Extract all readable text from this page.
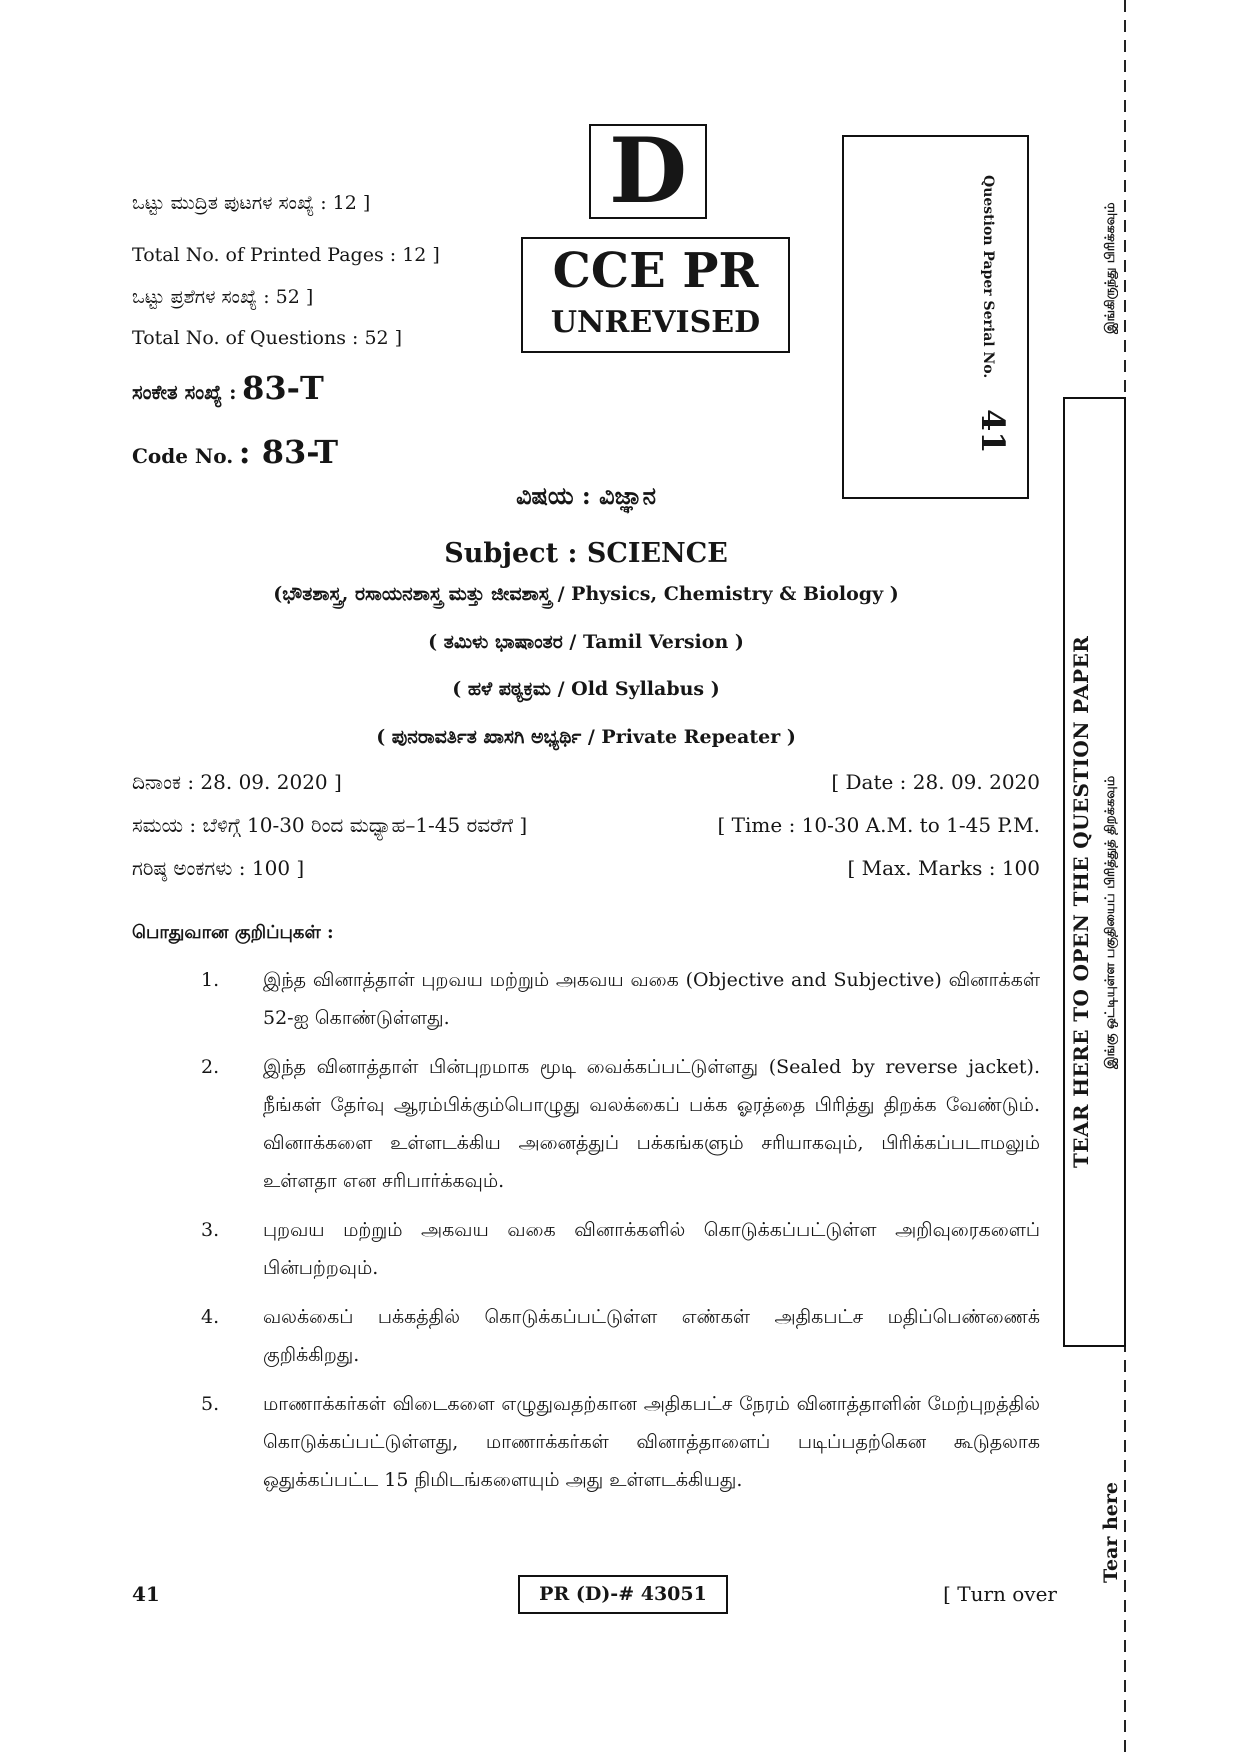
D
CCE PR
UNREVISED	Question Paper Serial No.
41
ಒಟ್ಟು ಮುದ್ರಿತ ಪುಟಗಳ ಸಂಖ್ಯೆ : 12 ]
Total No. of Printed Pages : 12 ]
ಒಟ್ಟು ಪ್ರಶೆಗಳ ಸಂಖ್ಯೆ : 52 ]
Total No. of Questions : 52 ]
ಸಂಕೇತ ಸಂಖ್ಯೆ : 83-T
Code No. : 83-T
ವಿಷಯ : ವಿಜ್ಞಾನ
Subject : SCIENCE
(ಭೌತಶಾಸ್ತ್ರ, ರಸಾಯನಶಾಸ್ತ್ರ ಮತ್ತು ಜೀವಶಾಸ್ತ್ರ / Physics, Chemistry & Biology )
( ತಮಿಳು ಭಾಷಾಂತರ / Tamil Version )
( ಹಳೆ ಪಠ್ಯಕ್ರಮ / Old Syllabus )
( ಪುನರಾವರ್ತಿತ ಖಾಸಗಿ ಅಭ್ಯರ್ಥಿ / Private Repeater )
ದಿನಾಂಕ : 28. 09. 2020 ]	[ Date : 28. 09. 2020
ಸಮಯ : ಬೆಳಿಗ್ಗೆ 10-30 ರಿಂದ ಮಧ್ಯಾಹ–1-45 ರವರೆಗೆ ]	[ Time : 10-30 A.M. to 1-45 P.M.
ಗರಿಷ್ಠ ಅಂಕಗಳು : 100 ]	[ Max. Marks : 100
பொதுவான குறிப்புகள் :
1.	இந்த வினாத்தாள் புறவய மற்றும் அகவய வகை (Objective and Subjective) வினாக்கள் 52-ஐ கொண்டுள்ளது.
2.	இந்த வினாத்தாள் பின்புறமாக மூடி வைக்கப்பட்டுள்ளது (Sealed by reverse jacket). நீங்கள் தேர்வு ஆரம்பிக்கும்பொழுது வலக்கைப் பக்க ஓரத்தை பிரித்து திறக்க வேண்டும். வினாக்களை உள்ளடக்கிய அனைத்துப் பக்கங்களும் சரியாகவும், பிரிக்கப்படாமலும் உள்ளதா என சரிபார்க்கவும்.
3.	புறவய மற்றும் அகவய வகை வினாக்களில் கொடுக்கப்பட்டுள்ள அறிவுரைகளைப் பின்பற்றவும்.
4.	வலக்கைப் பக்கத்தில் கொடுக்கப்பட்டுள்ள எண்கள் அதிகபட்ச மதிப்பெண்ணைக் குறிக்கிறது.
5.	மாணாக்கர்கள் விடைகளை எழுதுவதற்கான அதிகபட்ச நேரம் வினாத்தாளின் மேற்புறத்தில் கொடுக்கப்பட்டுள்ளது, மாணாக்கர்கள் வினாத்தாளைப் படிப்பதற்கென கூடுதலாக ஒதுக்கப்பட்ட 15 நிமிடங்களையும் அது உள்ளடக்கியது.
இங்கிருந்து பிரிக்கவும்
TEAR HERE TO OPEN THE QUESTION PAPER இங்கு ஒட்டியுள்ள பகுதியைப் பிரித்துத் திறக்கவும்
Tear here
41	PR (D)-# 43051	[ Turn over
